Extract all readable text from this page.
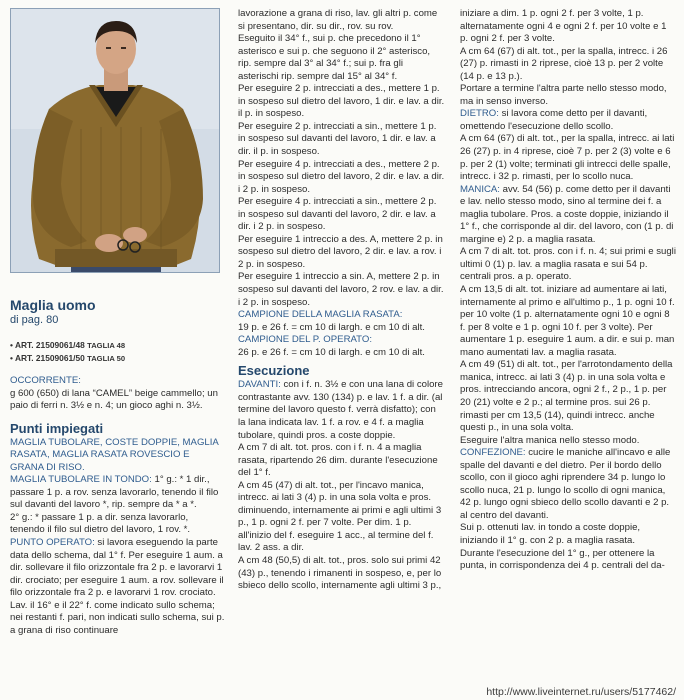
Maglia uomo
di pag. 80
• ART. 21509061/48 TAGLIA 48
• ART. 21509061/50 TAGLIA 50
OCCORRENTE:
g 600 (650) di lana “CAMEL” beige cammello; un paio di ferri n. 3½ e n. 4; un gioco aghi n. 3½.
Punti impiegati
MAGLIA TUBOLARE, COSTE DOPPIE, MAGLIA RASATA, MAGLIA RASATA ROVESCIO E GRANA DI RISO.
MAGLIA TUBOLARE IN TONDO: 1° g.: * 1 dir., passare 1 p. a rov. senza lavorarlo, tenendo il filo sul davanti del lavoro *, rip. sempre da * a *.
2° g.: * passare 1 p. a dir. senza lavorarlo, tenendo il filo sul dietro del lavoro, 1 rov. *.
PUNTO OPERATO: si lavora eseguendo la parte data dello schema, dal 1° f. Per eseguire 1 aum. a dir. sollevare il filo orizzontale fra 2 p. e lavorarvi 1 dir. crociato; per eseguire 1 aum. a rov. sollevare il filo orizzontale fra 2 p. e lavorarvi 1 rov. crociato. Lav. il 16° e il 22° f. come indicato sullo schema; nei restanti f. pari, non indicati sullo schema, sui p. a grana di riso continuare
lavorazione a grana di riso, lav. gli altri p. come si presentano, dir. su dir., rov. su rov.
Eseguito il 34° f., sui p. che precedono il 1° asterisco e sui p. che seguono il 2° asterisco, rip. sempre dal 3° al 34° f.; sui p. fra gli asterischi rip. sempre dal 15° al 34° f.
Per eseguire 2 p. intrecciati a des., mettere 1 p. in sospeso sul dietro del lavoro, 1 dir. e lav. a dir. il p. in sospeso.
Per eseguire 2 p. intrecciati a sin., mettere 1 p. in sospeso sul davanti del lavoro, 1 dir. e lav. a dir. il p. in sospeso.
Per eseguire 4 p. intrecciati a des., mettere 2 p. in sospeso sul dietro del lavoro, 2 dir. e lav. a dir. i 2 p. in sospeso.
Per eseguire 4 p. intrecciati a sin., mettere 2 p. in sospeso sul davanti del lavoro, 2 dir. e lav. a dir. i 2 p. in sospeso.
Per eseguire 1 intreccio a des. A, mettere 2 p. in sospeso sul dietro del lavoro, 2 dir. e lav. a rov. i 2 p. in sospeso.
Per eseguire 1 intreccio a sin. A, mettere 2 p. in sospeso sul davanti del lavoro, 2 rov. e lav. a dir. i 2 p. in sospeso.
CAMPIONE DELLA MAGLIA RASATA:
19 p. e 26 f. = cm 10 di largh. e cm 10 di alt.
CAMPIONE DEL P. OPERATO:
26 p. e 26 f. = cm 10 di largh. e cm 10 di alt.
Esecuzione
DAVANTI: con i f. n. 3½ e con una lana di colore contrastante avv. 130 (134) p. e lav. 1 f. a dir. (al termine del lavoro questo f. verrà disfatto); con la lana indicata lav. 1 f. a rov. e 4 f. a maglia tubolare, quindi pros. a coste doppie.
A cm 7 di alt. tot. pros. con i f. n. 4 a maglia rasata, ripartendo 26 dim. durante l'esecuzione del 1° f.
A cm 45 (47) di alt. tot., per l'incavo manica, intrecc. ai lati 3 (4) p. in una sola volta e pros. diminuendo, internamente ai primi e agli ultimi 3 p., 1 p. ogni 2 f. per 7 volte. Per dim. 1 p. all'inizio del f. eseguire 1 acc., al termine del f. lav. 2 ass. a dir.
A cm 48 (50,5) di alt. tot., pros. solo sui primi 42 (43) p., tenendo i rimanenti in sospeso, e, per lo sbieco dello scollo, internamente agli ultimi 3 p.,
iniziare a dim. 1 p. ogni 2 f. per 3 volte, 1 p. alternatamente ogni 4 e ogni 2 f. per 10 volte e 1 p. ogni 2 f. per 3 volte.
A cm 64 (67) di alt. tot., per la spalla, intrecc. i 26 (27) p. rimasti in 2 riprese, cioè 13 p. per 2 volte (14 p. e 13 p.).
Portare a termine l'altra parte nello stesso modo, ma in senso inverso.
DIETRO: si lavora come detto per il davanti, omettendo l'esecuzione dello scollo.
A cm 64 (67) di alt. tot., per la spalla, intrecc. ai lati 26 (27) p. in 4 riprese, cioè 7 p. per 2 (3) volte e 6 p. per 2 (1) volte; terminati gli intrecci delle spalle, intrecc. i 32 p. rimasti, per lo scollo nuca.
MANICA: avv. 54 (56) p. come detto per il davanti e lav. nello stesso modo, sino al termine dei f. a maglia tubolare. Pros. a coste doppie, iniziando il 1° f., che corrisponde al dir. del lavoro, con (1 p. di margine e) 2 p. a maglia rasata.
A cm 7 di alt. tot. pros. con i f. n. 4; sui primi e sugli ultimi 0 (1) p. lav. a maglia rasata e sui 54 p. centrali pros. a p. operato.
A cm 13,5 di alt. tot. iniziare ad aumentare ai lati, internamente al primo e all'ultimo p., 1 p. ogni 10 f. per 10 volte (1 p. alternatamente ogni 10 e ogni 8 f. per 8 volte e 1 p. ogni 10 f. per 3 volte). Per aumentare 1 p. eseguire 1 aum. a dir. e sui p. man mano aumentati lav. a maglia rasata.
A cm 49 (51) di alt. tot., per l'arrotondamento della manica, intrecc. ai lati 3 (4) p. in una sola volta e pros. intrecciando ancora, ogni 2 f., 2 p., 1 p. per 20 (21) volte e 2 p.; al termine pros. sui 26 p. rimasti per cm 13,5 (14), quindi intrecc. anche questi p., in una sola volta.
Eseguire l'altra manica nello stesso modo.
CONFEZIONE: cucire le maniche all'incavo e alle spalle del davanti e del dietro. Per il bordo dello scollo, con il gioco aghi riprendere 34 p. lungo lo scollo nuca, 21 p. lungo lo scollo di ogni manica, 42 p. lungo ogni sbieco dello scollo davanti e 2 p. al centro del davanti.
Sui p. ottenuti lav. in tondo a coste doppie, iniziando il 1° g. con 2 p. a maglia rasata.
Durante l'esecuzione del 1° g., per ottenere la punta, in corrispondenza dei 4 p. centrali del da-
http://www.liveinternet.ru/users/5177462/
